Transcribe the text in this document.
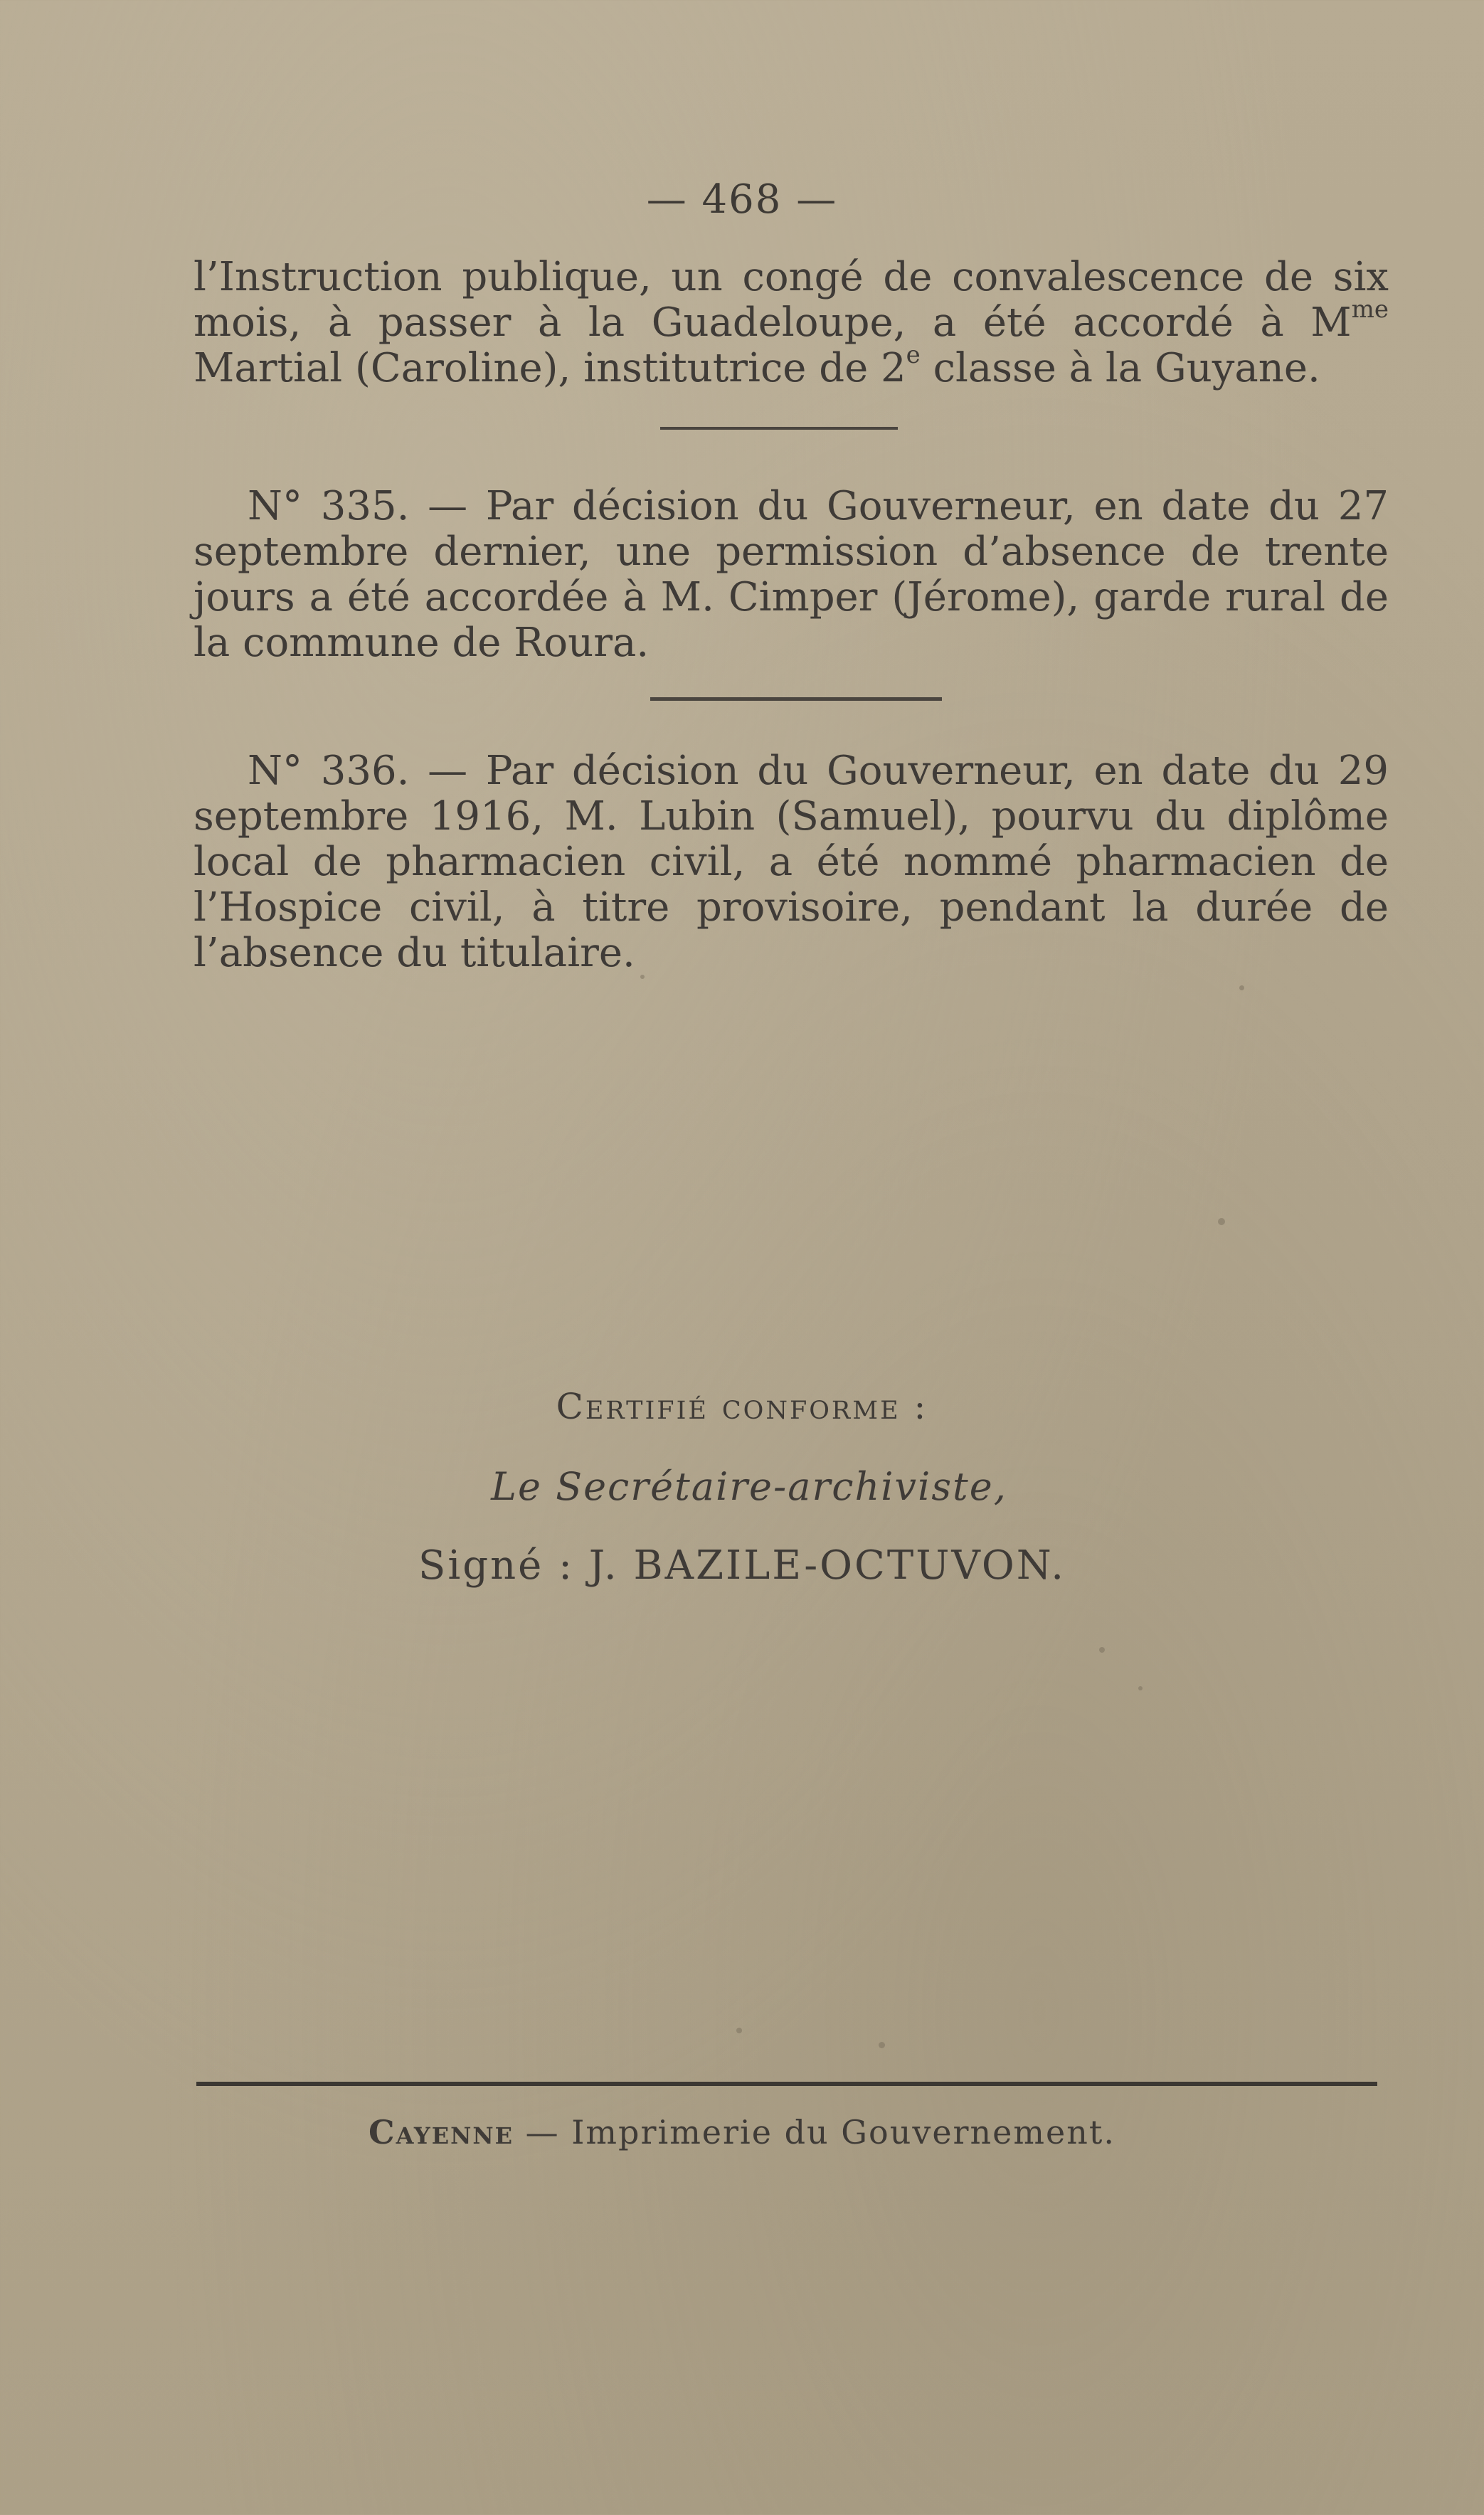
— 468 —

l’Instruction publique, un congé de convalescence de six mois, à passer à la Guadeloupe, a été accordé à $M^{me}$ Martial (Caroline), institutrice de 2e classe à la Guyane.

N° 335. — Par décision du Gouverneur, en date du 27 septembre dernier, une permission d’absence de trente jours a été accordée à M. Cimper (Jérome), garde rural de la commune de Roura.

N° 336. — Par décision du Gouverneur, en date du 29 septembre 1916, M. Lubin (Samuel), pourvu du diplôme local de pharmacien civil, a été nommé pharmacien de l’Hospice civil, à titre provisoire, pendant la durée de l’absence du titulaire.

Certifié conforme :
Le Secrétaire-archiviste,
Signé : J. BAZILE-OCTUVON.
Cayenne — Imprimerie du Gouvernement.
